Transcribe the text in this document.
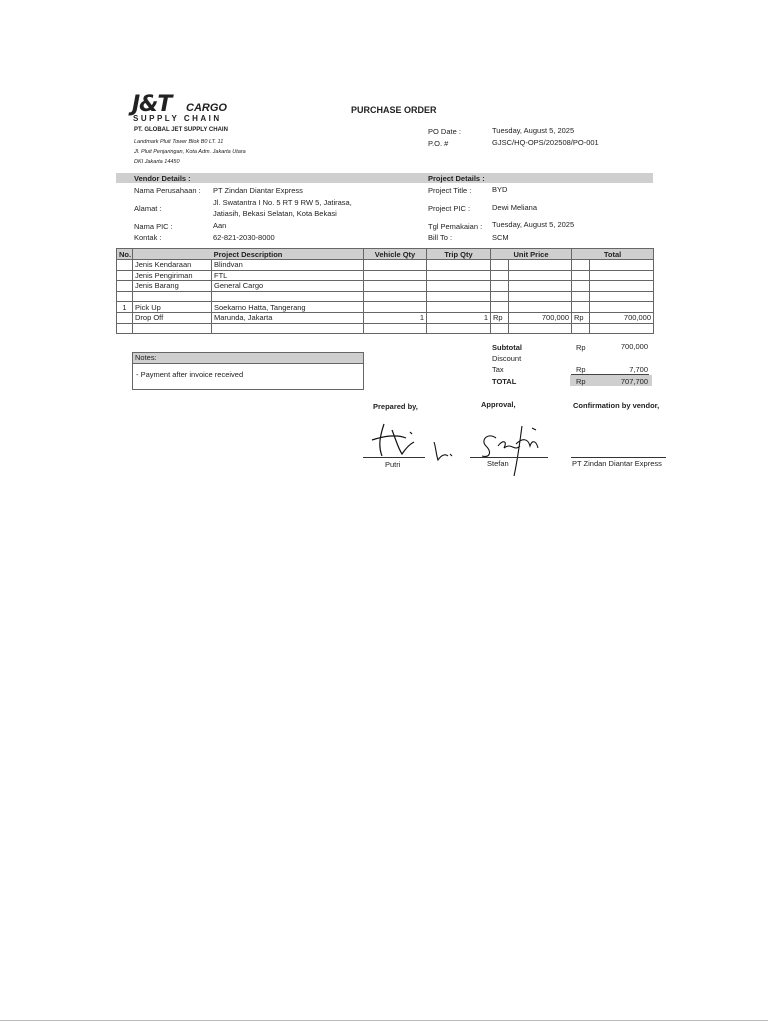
J&T CARGO
SUPPLY CHAIN
PT. GLOBAL JET SUPPLY CHAIN
Landmark Pluit Tower Blok B0 LT. 11
Jl. Pluit Penjaringan, Kota Adm. Jakarta Utara
DKI Jakarta 14450
PURCHASE ORDER
PO Date :	Tuesday, August 5, 2025
P.O. #	GJSC/HQ-OPS/202508/PO-001
Vendor Details :	Project Details :
Nama Perusahaan : PT Zindan Diantar Express
Alamat :
Jl. Swatantra I No. 5 RT 9 RW 5, Jatirasa,
Jatiasih, Bekasi Selatan, Kota Bekasi
Nama PIC :	Aan
Kontak :	62-821-2030-8000
Project Title :	BYD
Project PIC :	Dewi Meliana
Tgl Pemakaian : Tuesday, August 5, 2025
Bill To :	SCM
No.	Project Description		Vehicle Qty	Trip Qty	Unit Price		Total	
	Jenis Kendaraan	Blindvan						
	Jenis Pengiriman	FTL						
	Jenis Barang	General Cargo						

1	Pick Up	Soekarno Hatta, Tangerang						
	Drop Off	Marunda, Jakarta	1	1	Rp	700,000	Rp	700,000

Notes:
- Payment after invoice received
Subtotal	Rp	700,000
Discount
Tax	Rp	7,700
TOTAL	Rp	707,700
Prepared by,	Approval,	Confirmation by vendor,
Putri	Stefan	PT Zindan Diantar Express
